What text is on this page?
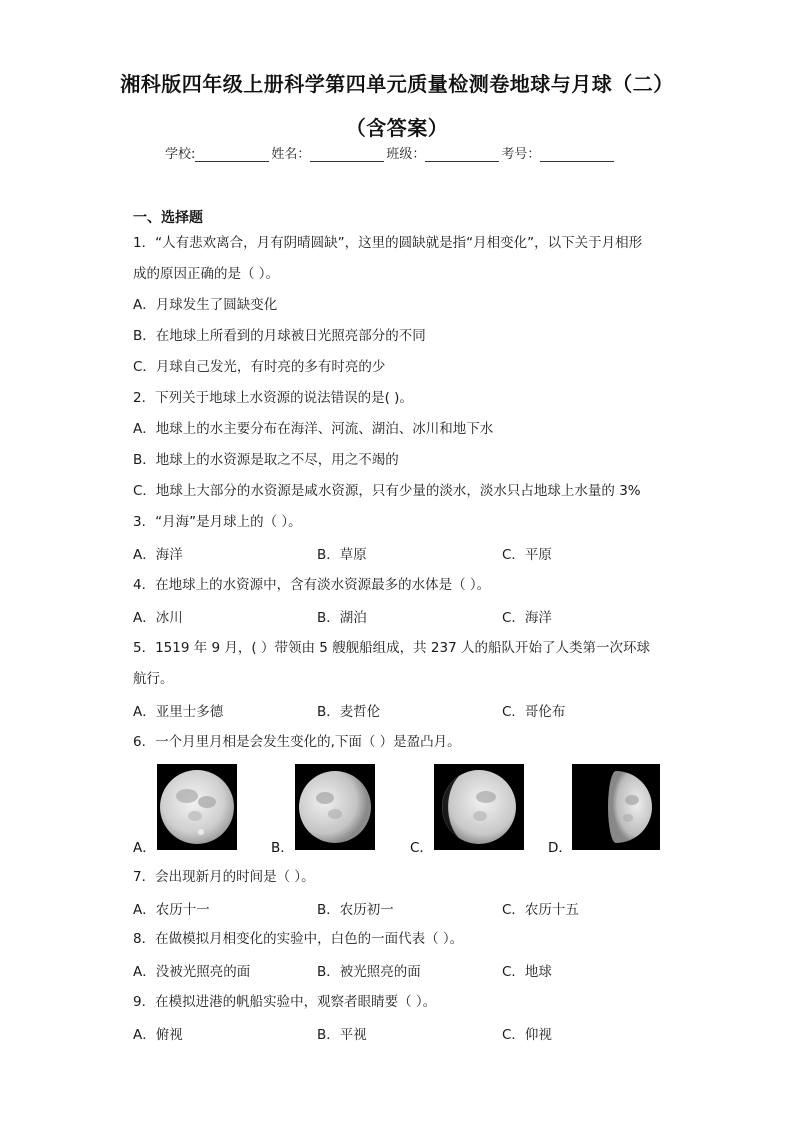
湘科版四年级上册科学第四单元质量检测卷地球与月球（二）
（含答案）
学校:	姓名：	班级：	考号：
一、选择题
1．“人有悲欢离合，月有阴晴圆缺”，这里的圆缺就是指“月相变化”，以下关于月相形
成的原因正确的是（ ）。
A．月球发生了圆缺变化
B．在地球上所看到的月球被日光照亮部分的不同
C．月球自己发光，有时亮的多有时亮的少
2．下列关于地球上水资源的说法错误的是( )。
A．地球上的水主要分布在海洋、河流、湖泊、冰川和地下水
B．地球上的水资源是取之不尽，用之不竭的
C．地球上大部分的水资源是咸水资源，只有少量的淡水，淡水只占地球上水量的 3%
3．“月海”是月球上的（ ）。
A．海洋	B．草原	C．平原
4．在地球上的水资源中，含有淡水资源最多的水体是（ ）。
A．冰川	B．湖泊	C．海洋
5．1519 年 9 月，( ）带领由 5 艘舰船组成，共 237 人的船队开始了人类第一次环球
航行。
A．亚里士多德	B．麦哲伦	C．哥伦布
6．一个月里月相是会发生变化的,下面（ ）是盈凸月。
A．	B．	C．	D．
7．会出现新月的时间是（ ）。
A．农历十一	B．农历初一	C．农历十五
8．在做模拟月相变化的实验中，白色的一面代表（ ）。
A．没被光照亮的面	B．被光照亮的面	C．地球
9．在模拟进港的帆船实验中，观察者眼睛要（ ）。
A．俯视	B．平视	C．仰视
